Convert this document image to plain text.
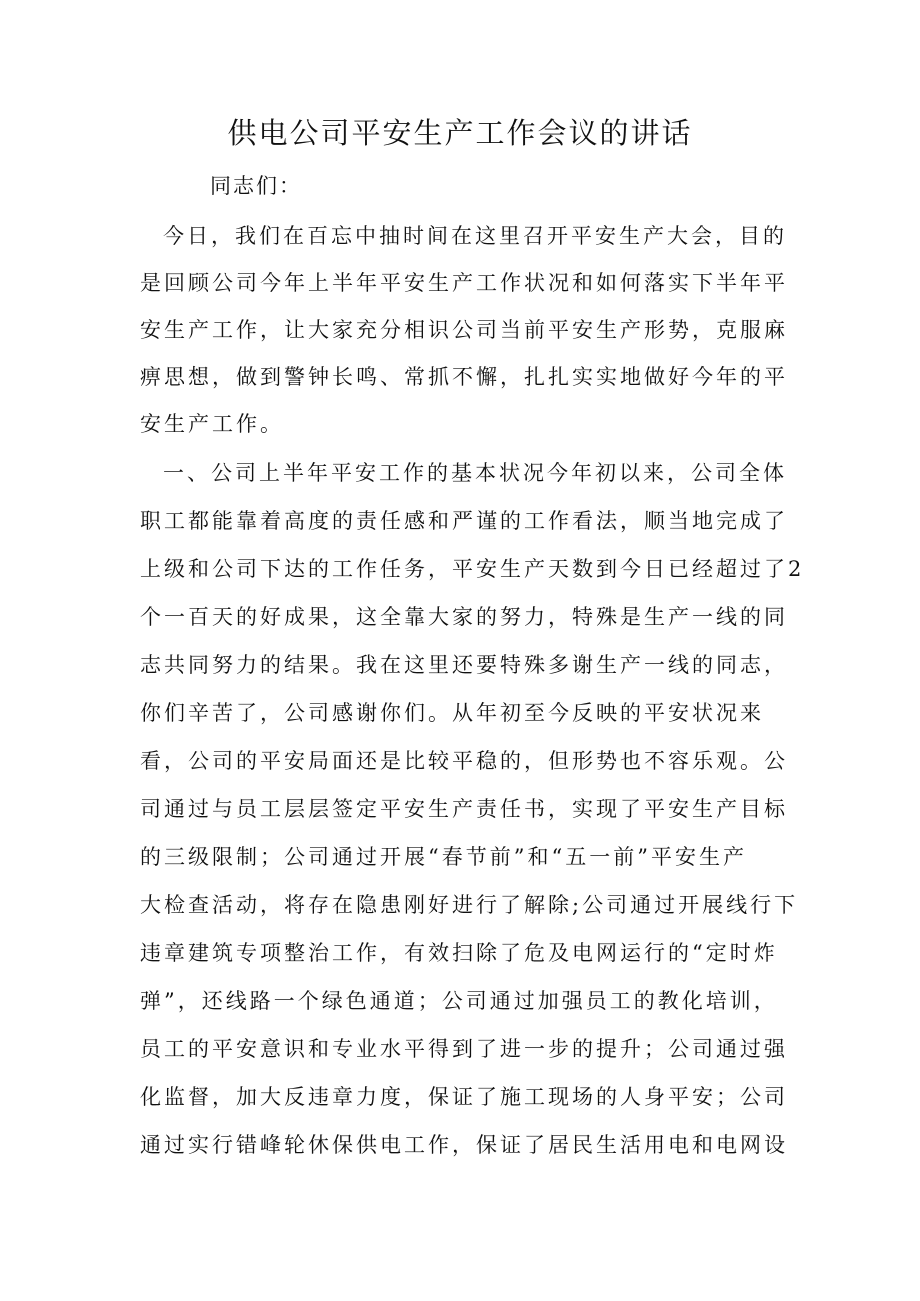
供电公司平安生产工作会议的讲话

同志们：

今日，我们在百忘中抽时间在这里召开平安生产大会，目的

是回顾公司今年上半年平安生产工作状况和如何落实下半年平

安生产工作，让大家充分相识公司当前平安生产形势，克服麻

痹思想，做到警钟长鸣、常抓不懈，扎扎实实地做好今年的平

安生产工作。

一、公司上半年平安工作的基本状况今年初以来，公司全体

职工都能靠着高度的责任感和严谨的工作看法，顺当地完成了

上级和公司下达的工作任务，平安生产天数到今日已经超过了2

个一百天的好成果，这全靠大家的努力，特殊是生产一线的同

志共同努力的结果。我在这里还要特殊多谢生产一线的同志，

你们辛苦了，公司感谢你们。从年初至今反映的平安状况来

看，公司的平安局面还是比较平稳的，但形势也不容乐观。公

司通过与员工层层签定平安生产责任书，实现了平安生产目标

的三级限制；公司通过开展“春节前”和“五一前”平安生产

大检查活动，将存在隐患刚好进行了解除;公司通过开展线行下

违章建筑专项整治工作，有效扫除了危及电网运行的“定时炸

弹”，还线路一个绿色通道；公司通过加强员工的教化培训，

员工的平安意识和专业水平得到了进一步的提升；公司通过强

化监督，加大反违章力度，保证了施工现场的人身平安；公司

通过实行错峰轮休保供电工作，保证了居民生活用电和电网设
